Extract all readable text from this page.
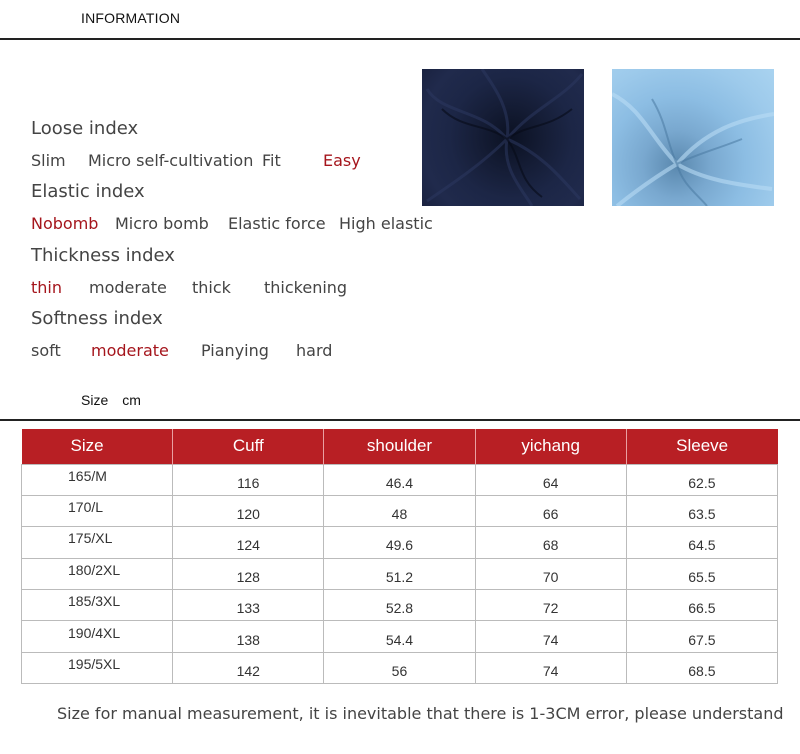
INFORMATION
Loose index
Slim Micro self-cultivation Fit	Easy
Elastic index
Nobomb Micro bomb Elastic force High elastic
Thickness index
thin moderate thick thickening
Softness index
soft moderate Pianying hard
Size cm
Size	Cuff	shoulder	yichang	Sleeve
165/M	116	46.4	64	62.5
170/L	120	48	66	63.5
175/XL	124	49.6	68	64.5
180/2XL	128	51.2	70	65.5
185/3XL	133	52.8	72	66.5
190/4XL	138	54.4	74	67.5
195/5XL	142	56	74	68.5
Size for manual measurement, it is inevitable that there is 1-3CM error, please understand
